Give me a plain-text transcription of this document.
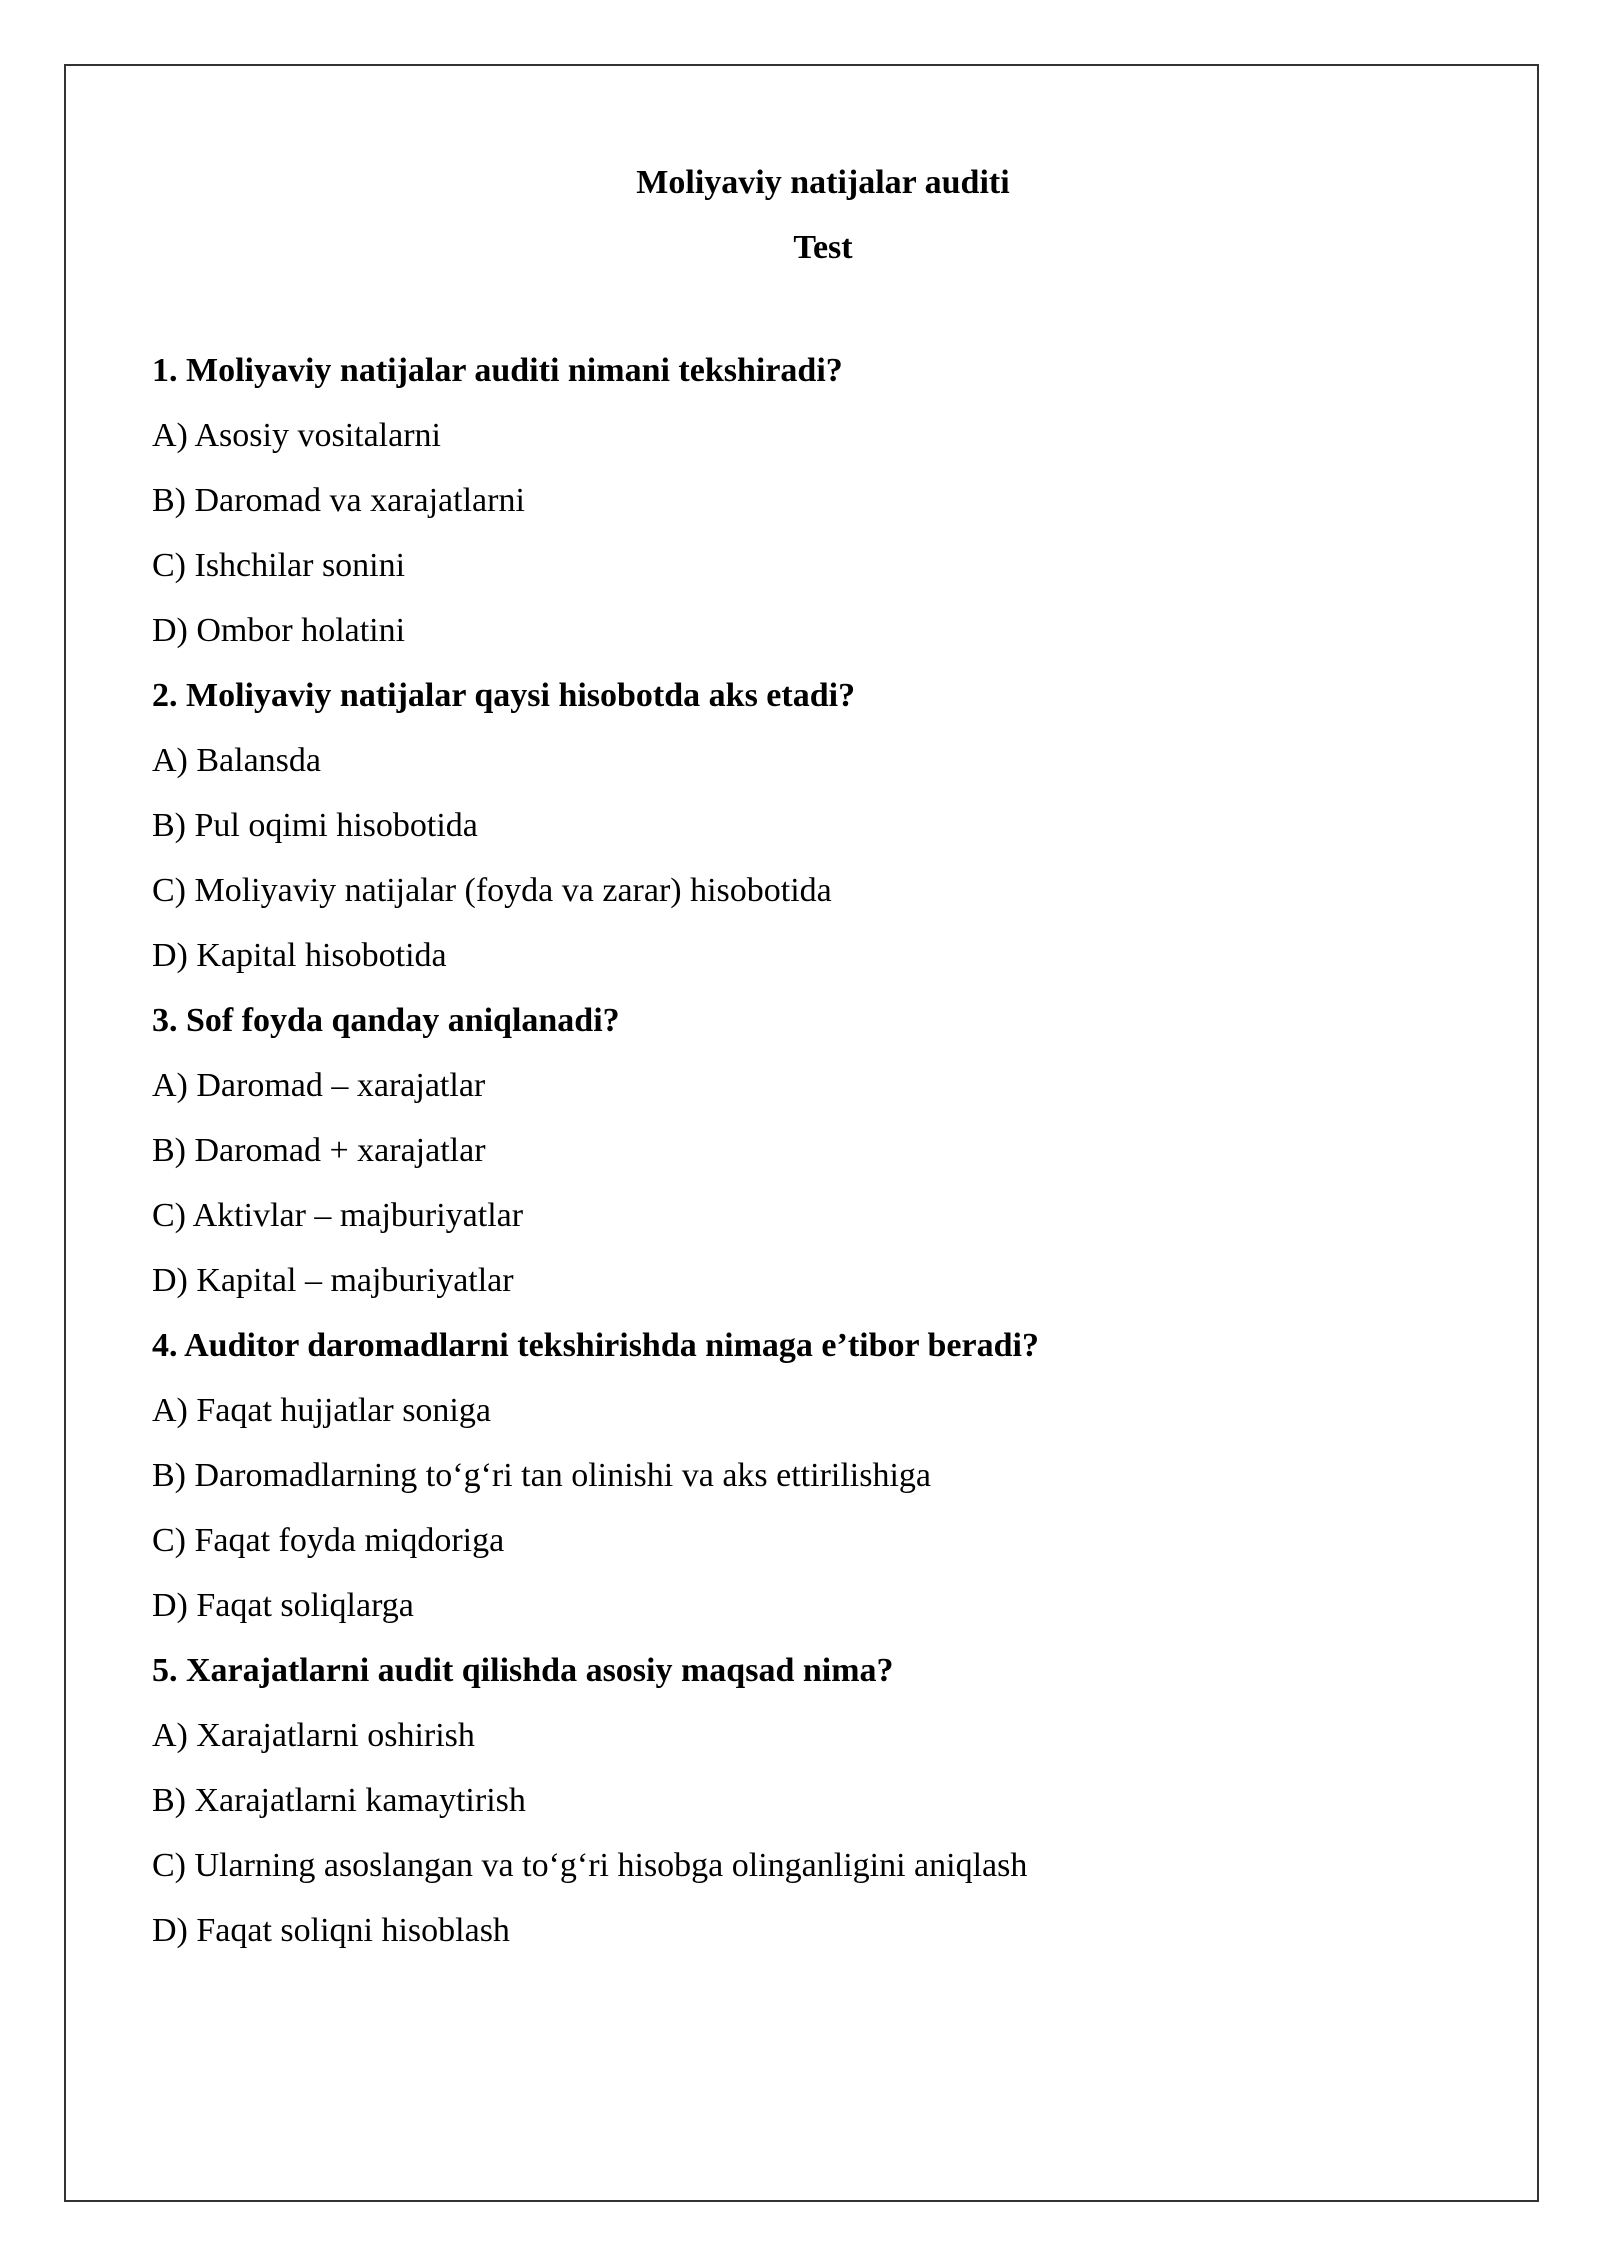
Moliyaviy natijalar auditi
Test
1. Moliyaviy natijalar auditi nimani tekshiradi?
A) Asosiy vositalarni
B) Daromad va xarajatlarni
C) Ishchilar sonini
D) Ombor holatini
2. Moliyaviy natijalar qaysi hisobotda aks etadi?
A) Balansda
B) Pul oqimi hisobotida
C) Moliyaviy natijalar (foyda va zarar) hisobotida
D) Kapital hisobotida
3. Sof foyda qanday aniqlanadi?
A) Daromad – xarajatlar
B) Daromad + xarajatlar
C) Aktivlar – majburiyatlar
D) Kapital – majburiyatlar
4. Auditor daromadlarni tekshirishda nimaga e’tibor beradi?
A) Faqat hujjatlar soniga
B) Daromadlarning to‘g‘ri tan olinishi va aks ettirilishiga
C) Faqat foyda miqdoriga
D) Faqat soliqlarga
5. Xarajatlarni audit qilishda asosiy maqsad nima?
A) Xarajatlarni oshirish
B) Xarajatlarni kamaytirish
C) Ularning asoslangan va to‘g‘ri hisobga olinganligini aniqlash
D) Faqat soliqni hisoblash
